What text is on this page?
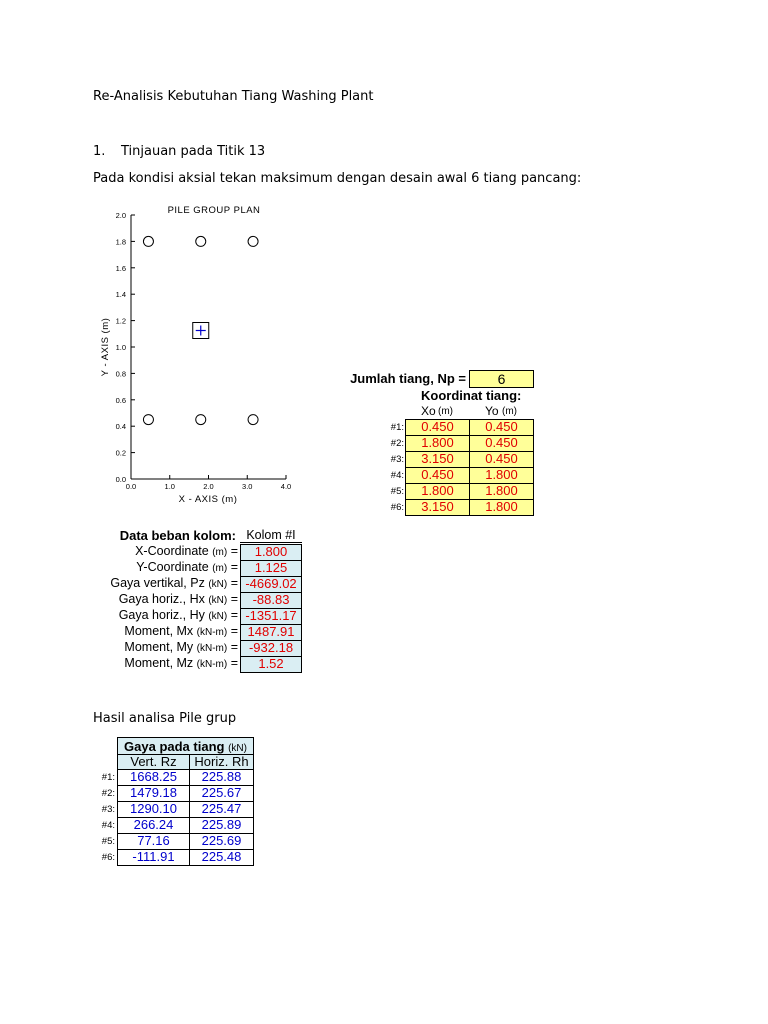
Re-Analisis Kebutuhan Tiang Washing Plant
1. Tinjauan pada Titik 13
Pada kondisi aksial tekan maksimum dengan desain awal 6 tiang pancang:
PILE GROUP PLAN
0.0
0.2
0.4
0.6
0.8
1.0
1.2
1.4
1.6
1.8
2.0
0.0	1.0	2.0	3.0	4.0
X - AXIS (m)
Y - AXIS (m)
Jumlah tiang, Np =	6
Koordinat tiang:
Xo (m)	Yo (m)
#1:	0.450	0.450
#2:	1.800	0.450
#3:	3.150	0.450
#4:	0.450	1.800
#5:	1.800	1.800
#6:	3.150	1.800
Data beban kolom: Kolom #I
X-Coordinate (m) =	1.800
Y-Coordinate (m) =	1.125
Gaya vertikal, Pz (kN) = -4669.02
Gaya horiz., Hx (kN) =	-88.83
Gaya horiz., Hy (kN) = -1351.17
Moment, Mx (kN-m) = 1487.91
Moment, My (kN-m) = -932.18
Moment, Mz (kN-m) =	1.52
Hasil analisa Pile grup
Gaya pada tiang (kN)
Vert. Rz	Horiz. Rh
#1:	1668.25	225.88
#2:	1479.18	225.67
#3:	1290.10	225.47
#4:	266.24	225.89
#5:	77.16	225.69
#6:	-111.91	225.48
